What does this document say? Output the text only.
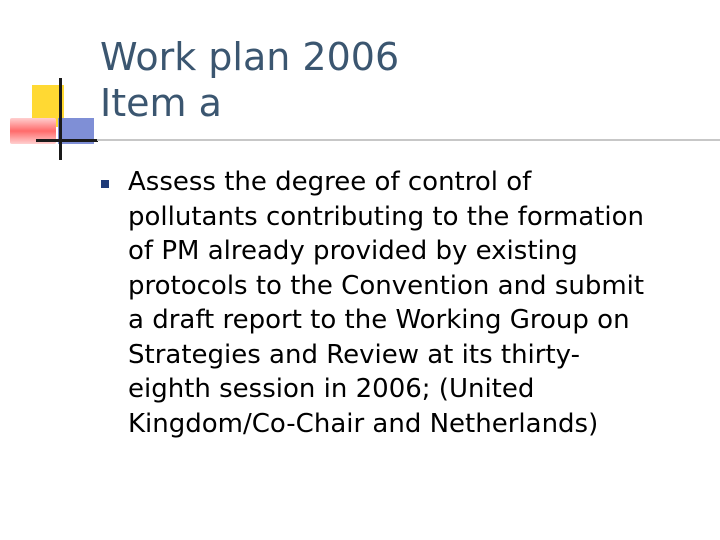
Work plan 2006
Item a

Assess the degree of control of
pollutants contributing to the formation
of PM already provided by existing
protocols to the Convention and submit
a draft report to the Working Group on
Strategies and Review at its thirty-
eighth session in 2006; (United
Kingdom/Co-Chair and Netherlands)
